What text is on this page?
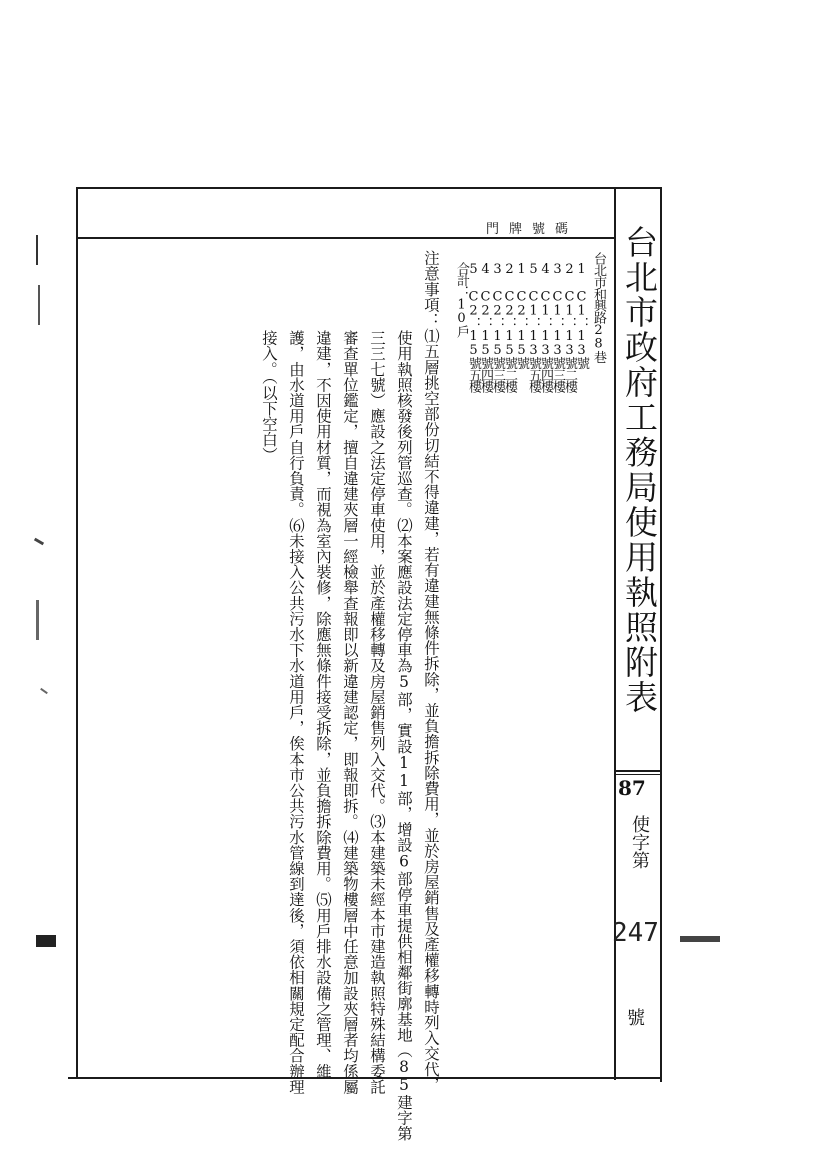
台北市政府工務局使用執照附表
門牌號碼
台北市和興路28巷
1 C1：13號
2 C1：13號二樓
3 C1：13號三樓
4 C1：13號四樓
5 C1：13號五樓
1 C2：15號
2 C2：15號二樓
3 C2：15號三樓
4 C2：15號四樓
5 C2：15號五樓
合計：10戶
注意事項：⑴五層挑空部份切結不得違建，若有違建無條件拆除，並負擔拆除費用，並於房屋銷售及產權移轉時列入交代，
使用執照核發後列管巡查。⑵本案應設法定停車為5部，實設11部，增設6部停車提供相鄰街廓基地（85建字第
三三七號）應設之法定停車使用，並於產權移轉及房屋銷售列入交代。⑶本建築未經本市建造執照特殊結構委託
審查單位鑑定，擅自違建夾層一經檢舉查報即以新違建認定，即報即拆。⑷建築物樓層中任意加設夾層者均係屬
違建，不因使用材質，而視為室內裝修，除應無條件接受拆除，並負擔拆除費用。⑸用戶排水設備之管理、維
護，由水道用戶自行負責。⑹未接入公共污水下水道用戶，俟本市公共污水管線到達後，須依相關規定配合辦理
接入。（以下空白）
87
使字第
247
號
